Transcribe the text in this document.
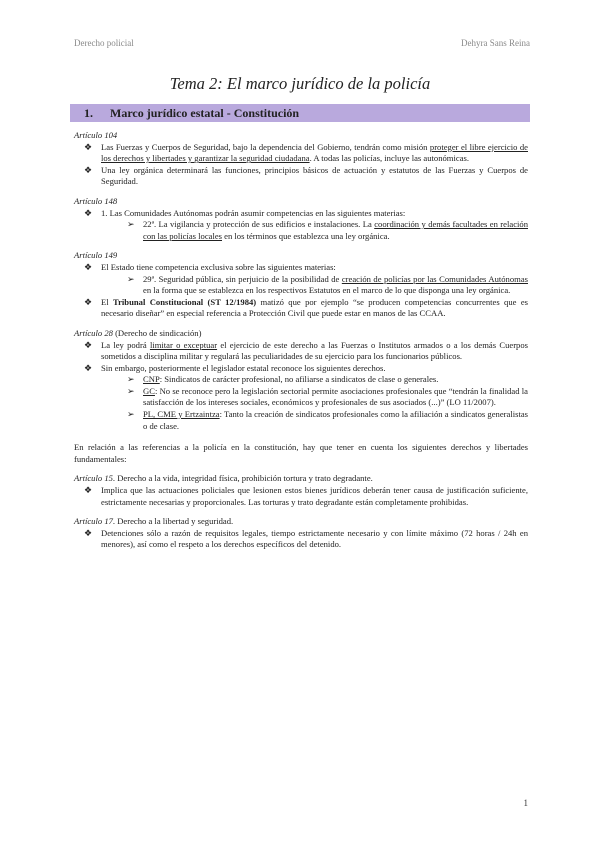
Derecho policial	Dehyra Sans Reina
Tema 2: El marco jurídico de la policía
1. Marco jurídico estatal - Constitución
Artículo 104
❖ Las Fuerzas y Cuerpos de Seguridad, bajo la dependencia del Gobierno, tendrán como misión proteger el libre ejercicio de los derechos y libertades y garantizar la seguridad ciudadana. A todas las policías, incluye las autonómicas.
❖ Una ley orgánica determinará las funciones, principios básicos de actuación y estatutos de las Fuerzas y Cuerpos de Seguridad.
Artículo 148
❖ 1. Las Comunidades Autónomas podrán asumir competencias en las siguientes materias:
➢ 22ª. La vigilancia y protección de sus edificios e instalaciones. La coordinación y demás facultades en relación con las policías locales en los términos que establezca una ley orgánica.
Artículo 149
❖ El Estado tiene competencia exclusiva sobre las siguientes materias:
➢ 29ª. Seguridad pública, sin perjuicio de la posibilidad de creación de policías por las Comunidades Autónomas en la forma que se establezca en los respectivos Estatutos en el marco de lo que disponga una ley orgánica.
❖ El Tribunal Constitucional (ST 12/1984) matizó que por ejemplo “se producen competencias concurrentes que es necesario diseñar” en especial referencia a Protección Civil que puede estar en manos de las CCAA.
Artículo 28 (Derecho de sindicación)
❖ La ley podrá limitar o exceptuar el ejercicio de este derecho a las Fuerzas o Institutos armados o a los demás Cuerpos sometidos a disciplina militar y regulará las peculiaridades de su ejercicio para los funcionarios públicos.
❖ Sin embargo, posteriormente el legislador estatal reconoce los siguientes derechos.
➢ CNP: Sindicatos de carácter profesional, no afiliarse a sindicatos de clase o generales.
➢ GC: No se reconoce pero la legislación sectorial permite asociaciones profesionales que “tendrán la finalidad la satisfacción de los intereses sociales, económicos y profesionales de sus asociados (...)” (LO 11/2007).
➢ PL, CME y Ertzaintza: Tanto la creación de sindicatos profesionales como la afiliación a sindicatos generalistas o de clase.
En relación a las referencias a la policía en la constitución, hay que tener en cuenta los siguientes derechos y libertades fundamentales:
Artículo 15. Derecho a la vida, integridad física, prohibición tortura y trato degradante.
❖ Implica que las actuaciones policiales que lesionen estos bienes jurídicos deberán tener causa de justificación suficiente, estrictamente necesarias y proporcionales. Las torturas y trato degradante están completamente prohibidas.
Artículo 17. Derecho a la libertad y seguridad.
❖ Detenciones sólo a razón de requisitos legales, tiempo estrictamente necesario y con límite máximo (72 horas / 24h en menores), así como el respeto a los derechos específicos del detenido.
1
